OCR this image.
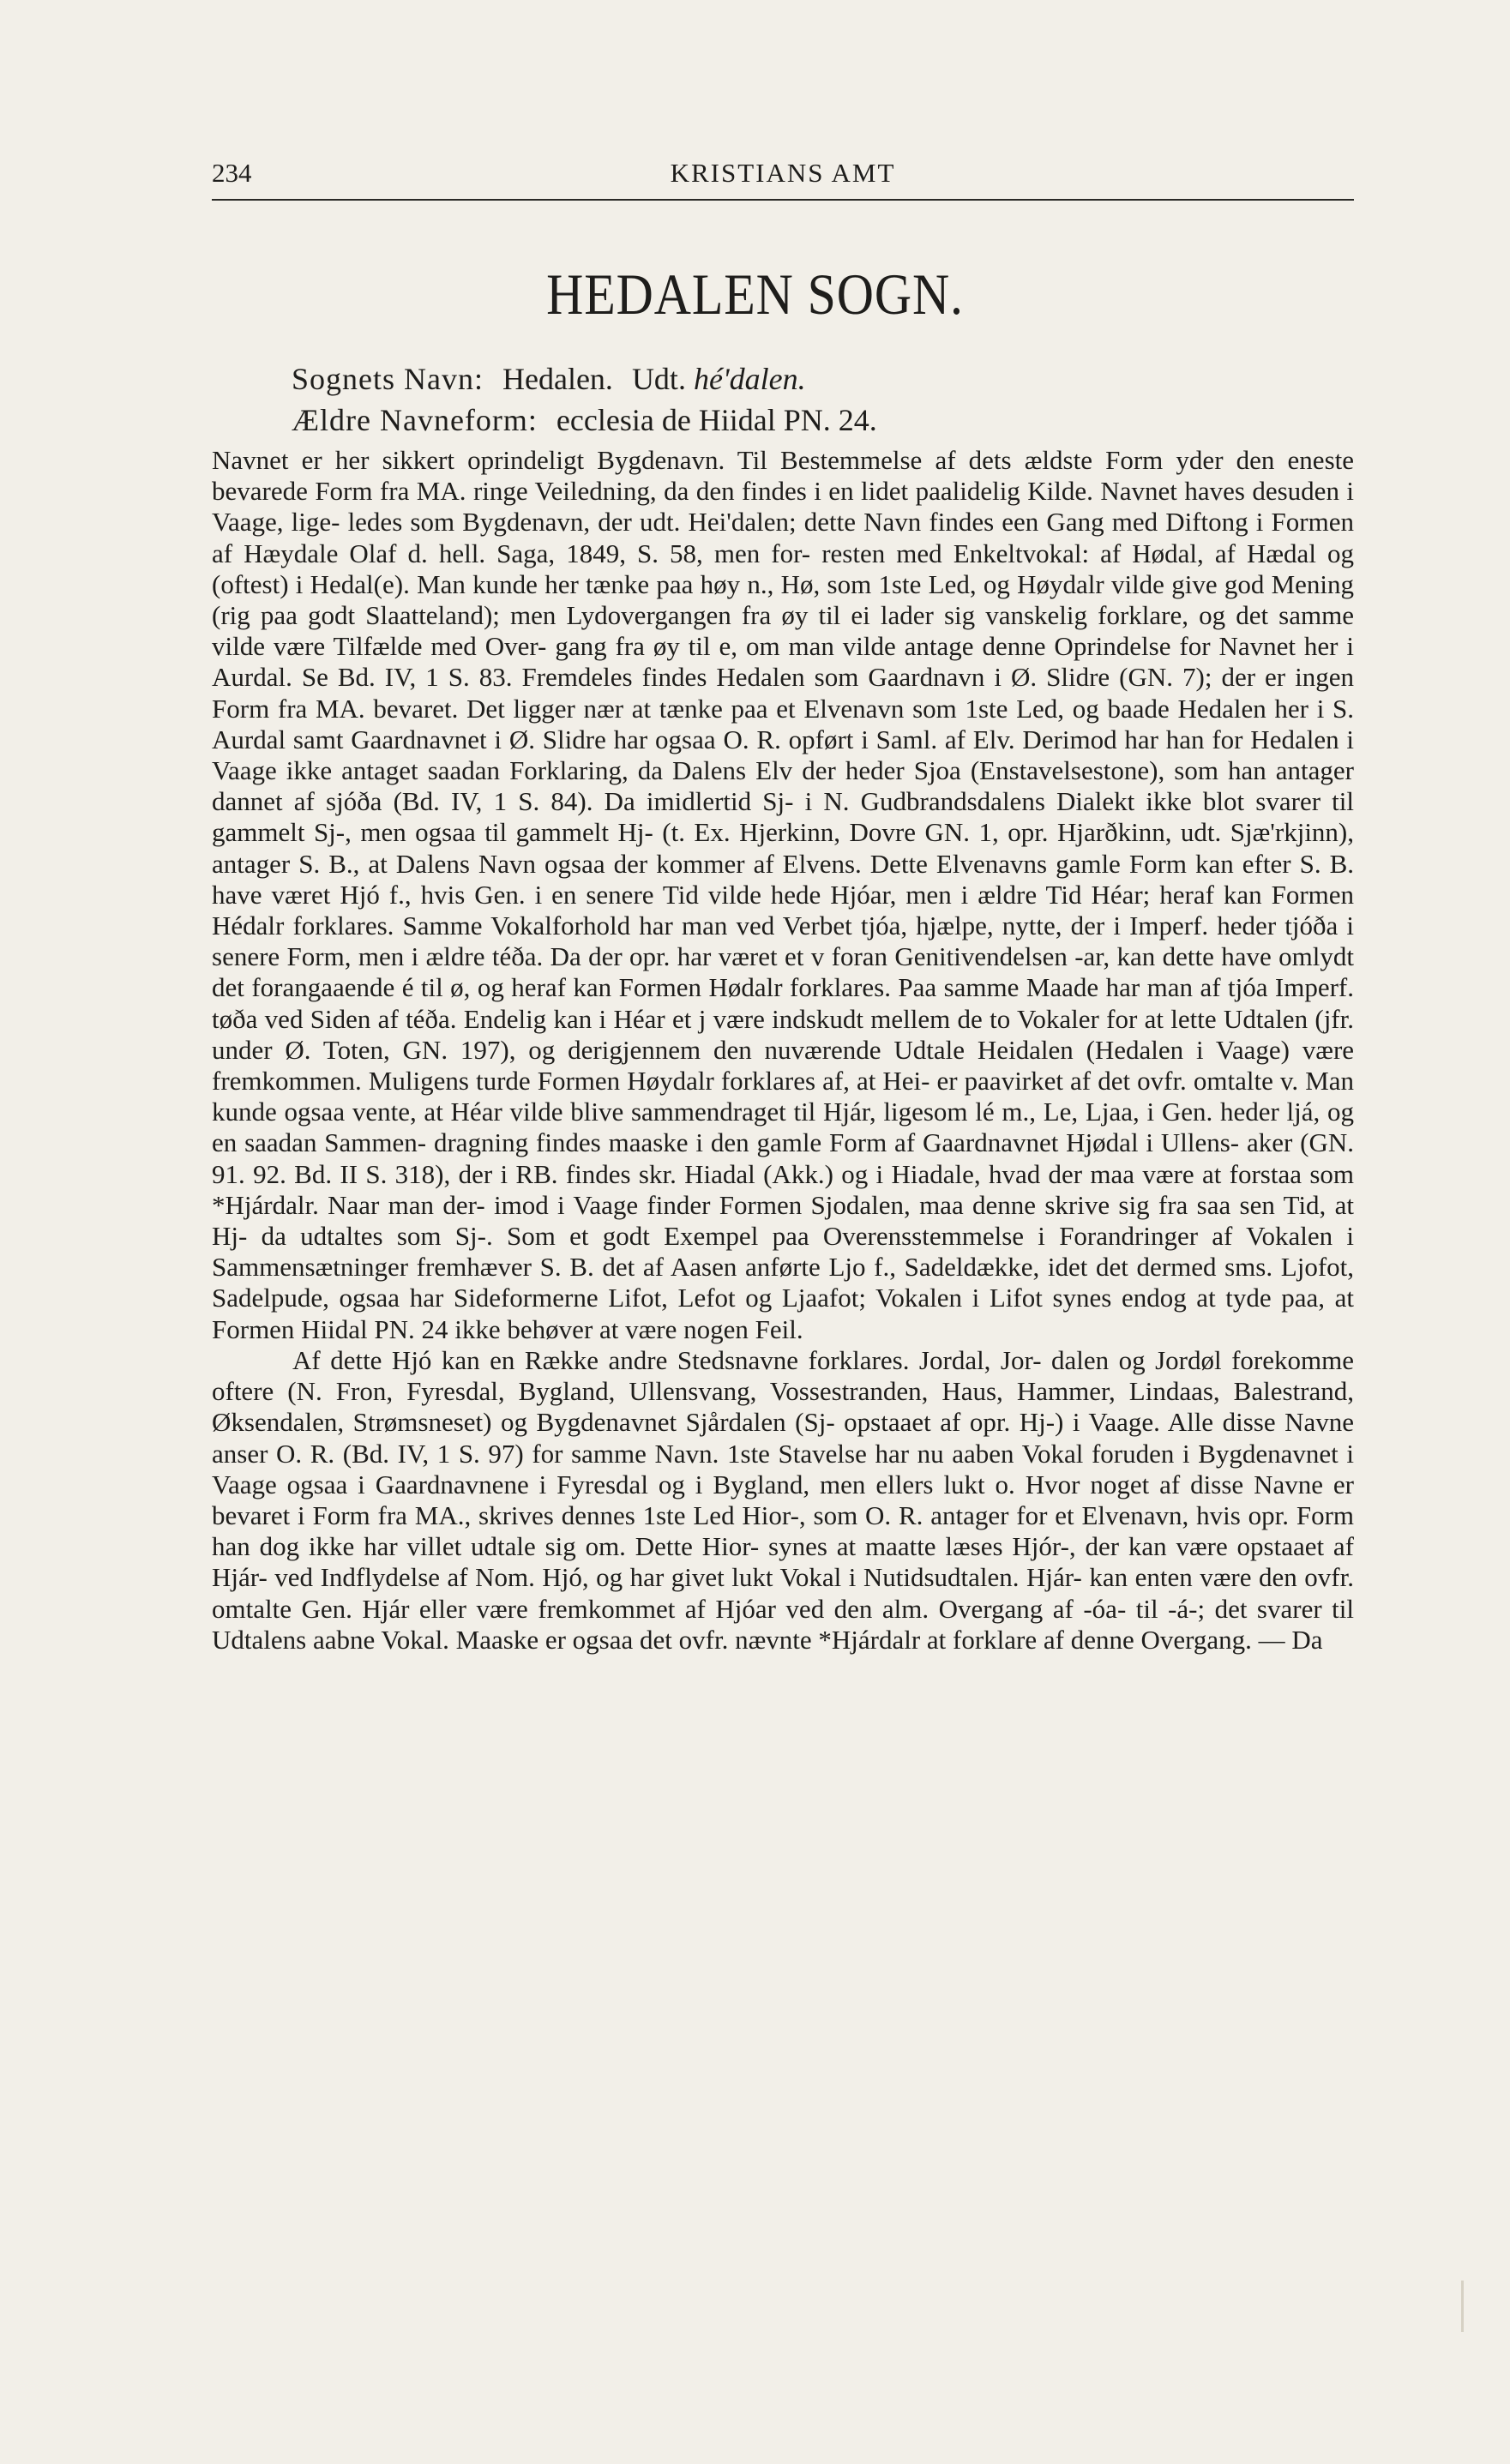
234	KRISTIANS AMT
HEDALEN SOGN.
Sognets Navn: Hedalen. Udt. hé'dalen.
Ældre Navneform: ecclesia de Hiidal PN. 24.

Navnet er her sikkert oprindeligt Bygdenavn. Til Bestemmelse af dets ældste Form yder den eneste bevarede Form fra MA. ringe Veiledning, da den findes i en lidet paalidelig Kilde. Navnet haves desuden i Vaage, lige- ledes som Bygdenavn, der udt. Hei'dalen; dette Navn findes een Gang med Diftong i Formen af Hæydale Olaf d. hell. Saga, 1849, S. 58, men for- resten med Enkeltvokal: af Hødal, af Hædal og (oftest) i Hedal(e). Man kunde her tænke paa høy n., Hø, som 1ste Led, og Høydalr vilde give god Mening (rig paa godt Slaatteland); men Lydovergangen fra øy til ei lader sig vanskelig forklare, og det samme vilde være Tilfælde med Over- gang fra øy til e, om man vilde antage denne Oprindelse for Navnet her i Aurdal. Se Bd. IV, 1 S. 83. Fremdeles findes Hedalen som Gaardnavn i Ø. Slidre (GN. 7); der er ingen Form fra MA. bevaret. Det ligger nær at tænke paa et Elvenavn som 1ste Led, og baade Hedalen her i S. Aurdal samt Gaardnavnet i Ø. Slidre har ogsaa O. R. opført i Saml. af Elv. Derimod har han for Hedalen i Vaage ikke antaget saadan Forklaring, da Dalens Elv der heder Sjoa (Enstavelsestone), som han antager dannet af sjóða (Bd. IV, 1 S. 84). Da imidlertid Sj- i N. Gudbrandsdalens Dialekt ikke blot svarer til gammelt Sj-, men ogsaa til gammelt Hj- (t. Ex. Hjerkinn, Dovre GN. 1, opr. Hjarðkinn, udt. Sjæ'rkjinn), antager S. B., at Dalens Navn ogsaa der kommer af Elvens. Dette Elvenavns gamle Form kan efter S. B. have været Hjó f., hvis Gen. i en senere Tid vilde hede Hjóar, men i ældre Tid Héar; heraf kan Formen Hédalr forklares. Samme Vokalforhold har man ved Verbet tjóa, hjælpe, nytte, der i Imperf. heder tjóða i senere Form, men i ældre téða. Da der opr. har været et v foran Genitivendelsen -ar, kan dette have omlydt det forangaaende é til ø, og heraf kan Formen Hødalr forklares. Paa samme Maade har man af tjóa Imperf. tøða ved Siden af téða. Endelig kan i Héar et j være indskudt mellem de to Vokaler for at lette Udtalen (jfr. under Ø. Toten, GN. 197), og derigjennem den nuværende Udtale Heidalen (Hedalen i Vaage) være fremkommen. Muligens turde Formen Høydalr forklares af, at Hei- er paavirket af det ovfr. omtalte v. Man kunde ogsaa vente, at Héar vilde blive sammendraget til Hjár, ligesom lé m., Le, Ljaa, i Gen. heder ljá, og en saadan Sammen- dragning findes maaske i den gamle Form af Gaardnavnet Hjødal i Ullens- aker (GN. 91. 92. Bd. II S. 318), der i RB. findes skr. Hiadal (Akk.) og i Hiadale, hvad der maa være at forstaa som *Hjárdalr. Naar man der- imod i Vaage finder Formen Sjodalen, maa denne skrive sig fra saa sen Tid, at Hj- da udtaltes som Sj-. Som et godt Exempel paa Overensstemmelse i Forandringer af Vokalen i Sammensætninger fremhæver S. B. det af Aasen anførte Ljo f., Sadeldække, idet det dermed sms. Ljofot, Sadelpude, ogsaa har Sideformerne Lifot, Lefot og Ljaafot; Vokalen i Lifot synes endog at tyde paa, at Formen Hiidal PN. 24 ikke behøver at være nogen Feil.

Af dette Hjó kan en Række andre Stedsnavne forklares. Jordal, Jor- dalen og Jordøl forekomme oftere (N. Fron, Fyresdal, Bygland, Ullensvang, Vossestranden, Haus, Hammer, Lindaas, Balestrand, Øksendalen, Strømsneset) og Bygdenavnet Sjårdalen (Sj- opstaaet af opr. Hj-) i Vaage. Alle disse Navne anser O. R. (Bd. IV, 1 S. 97) for samme Navn. 1ste Stavelse har nu aaben Vokal foruden i Bygdenavnet i Vaage ogsaa i Gaardnavnene i Fyresdal og i Bygland, men ellers lukt o. Hvor noget af disse Navne er bevaret i Form fra MA., skrives dennes 1ste Led Hior-, som O. R. antager for et Elvenavn, hvis opr. Form han dog ikke har villet udtale sig om. Dette Hior- synes at maatte læses Hjór-, der kan være opstaaet af Hjár- ved Indflydelse af Nom. Hjó, og har givet lukt Vokal i Nutidsudtalen. Hjár- kan enten være den ovfr. omtalte Gen. Hjár eller være fremkommet af Hjóar ved den alm. Overgang af -óa- til -á-; det svarer til Udtalens aabne Vokal. Maaske er ogsaa det ovfr. nævnte *Hjárdalr at forklare af denne Overgang. — Da
